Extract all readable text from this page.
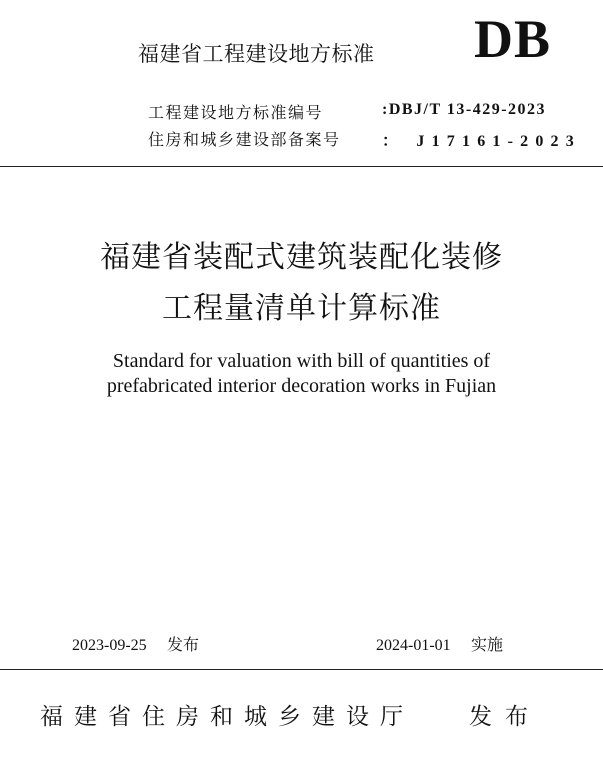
福建省工程建设地方标准 DB
工程建设地方标准编号	:DBJ/T 13-429-2023
住房和城乡建设部备案号	： J17161-2023
福建省装配式建筑装配化装修
工程量清单计算标准
Standard for valuation with bill of quantities of
prefabricated interior decoration works in Fujian
2023-09-25 发布	2024-01-01 实施
福建省住房和城乡建设厅 发布
